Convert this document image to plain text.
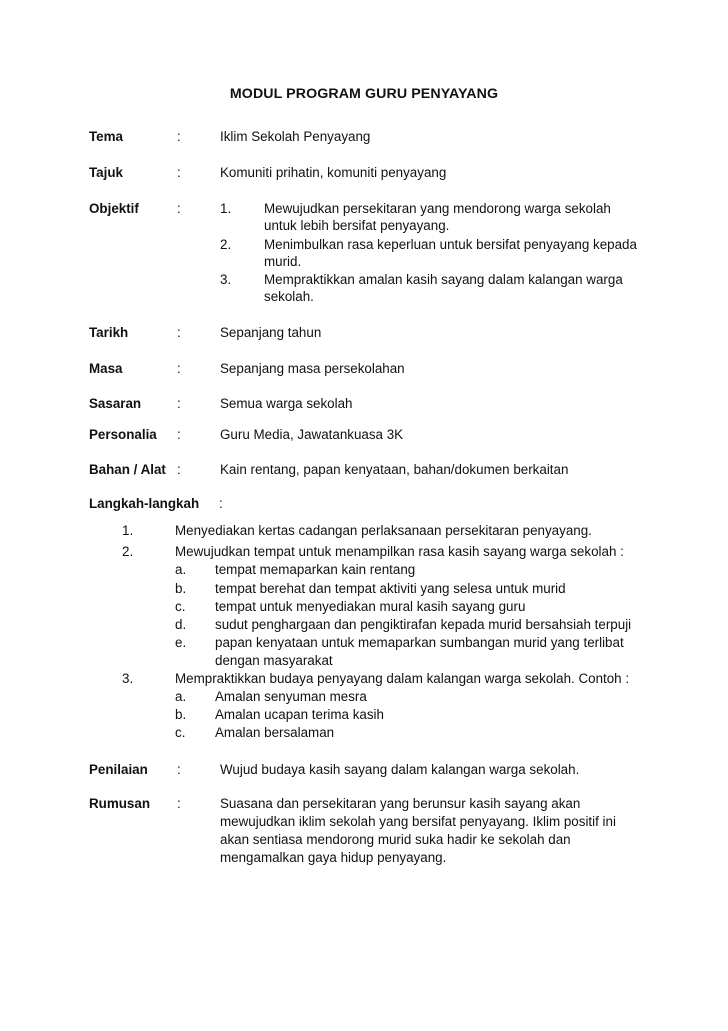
MODUL PROGRAM GURU PENYAYANG
Tema	:	Iklim Sekolah Penyayang
Tajuk	:	Komuniti prihatin, komuniti penyayang
Objektif	:	1. Mewujudkan persekitaran yang mendorong warga sekolah
untuk lebih bersifat penyayang.
2. Menimbulkan rasa keperluan untuk bersifat penyayang kepada
murid.
3. Mempraktikkan amalan kasih sayang dalam kalangan warga
sekolah.
Tarikh	:	Sepanjang tahun
Masa	:	Sepanjang masa persekolahan
Sasaran	:	Semua warga sekolah
Personalia :	Guru Media, Jawatankuasa 3K
Bahan / Alat :	Kain rentang, papan kenyataan, bahan/dokumen berkaitan
Langkah-langkah :
1.	Menyediakan kertas cadangan perlaksanaan persekitaran penyayang.
2.	Mewujudkan tempat untuk menampilkan rasa kasih sayang warga sekolah :
a. tempat memaparkan kain rentang
b. tempat berehat dan tempat aktiviti yang selesa untuk murid
c. tempat untuk menyediakan mural kasih sayang guru
d. sudut penghargaan dan pengiktirafan kepada murid bersahsiah terpuji
e. papan kenyataan untuk memaparkan sumbangan murid yang terlibat
dengan masyarakat
3.	Mempraktikkan budaya penyayang dalam kalangan warga sekolah. Contoh :
a. Amalan senyuman mesra
b. Amalan ucapan terima kasih
c. Amalan bersalaman
Penilaian :	Wujud budaya kasih sayang dalam kalangan warga sekolah.
Rumusan :	Suasana dan persekitaran yang berunsur kasih sayang akan
mewujudkan iklim sekolah yang bersifat penyayang. Iklim positif ini
akan sentiasa mendorong murid suka hadir ke sekolah dan
mengamalkan gaya hidup penyayang.
